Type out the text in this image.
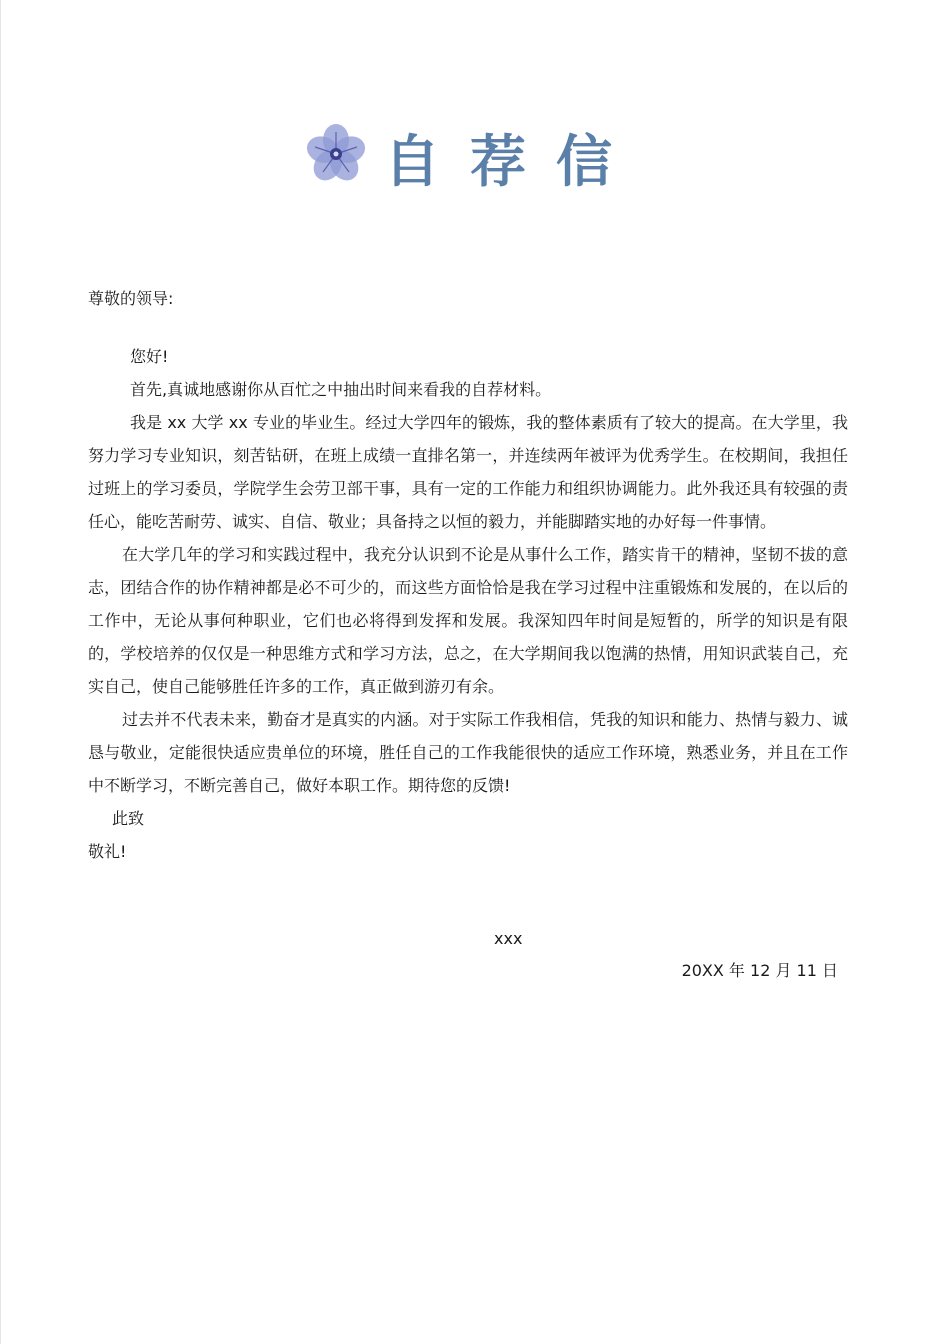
自荐信
尊敬的领导:

您好!

首先,真诚地感谢你从百忙之中抽出时间来看我的自荐材料。

我是 xx 大学 xx 专业的毕业生。经过大学四年的锻炼，我的整体素质有了较大的提高。在大学里，我努力学习专业知识，刻苦钻研，在班上成绩一直排名第一，并连续两年被评为优秀学生。在校期间，我担任过班上的学习委员，学院学生会劳卫部干事，具有一定的工作能力和组织协调能力。此外我还具有较强的责任心，能吃苦耐劳、诚实、自信、敬业；具备持之以恒的毅力，并能脚踏实地的办好每一件事情。

在大学几年的学习和实践过程中，我充分认识到不论是从事什么工作，踏实肯干的精神，坚韧不拔的意志，团结合作的协作精神都是必不可少的，而这些方面恰恰是我在学习过程中注重锻炼和发展的，在以后的工作中，无论从事何种职业，它们也必将得到发挥和发展。我深知四年时间是短暂的，所学的知识是有限的，学校培养的仅仅是一种思维方式和学习方法，总之，在大学期间我以饱满的热情，用知识武装自己，充实自己，使自己能够胜任许多的工作，真正做到游刃有余。

过去并不代表未来，勤奋才是真实的内涵。对于实际工作我相信，凭我的知识和能力、热情与毅力、诚恳与敬业，定能很快适应贵单位的环境，胜任自己的工作我能很快的适应工作环境，熟悉业务，并且在工作中不断学习，不断完善自己，做好本职工作。期待您的反馈!

此致

敬礼!

xxx
20XX 年 12 月 11 日
